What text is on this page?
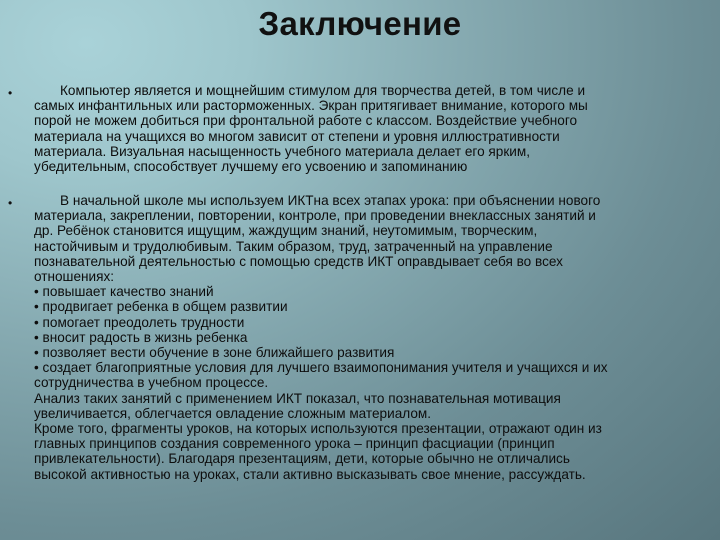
Заключение
•	Компьютер является и мощнейшим стимулом для творчества детей, в том числе и
самых инфантильных или расторможенных. Экран притягивает внимание, которого мы
порой не можем добиться при фронтальной работе с классом. Воздействие учебного
материала на учащихся во многом зависит от степени и уровня иллюстративности
материала. Визуальная насыщенность учебного материала делает его ярким,
убедительным, способствует лучшему его усвоению и запоминанию
•	В начальной школе мы используем ИКТна всех этапах урока: при объяснении нового
материала, закреплении, повторении, контроле, при проведении внеклассных занятий и
др. Ребёнок становится ищущим, жаждущим знаний, неутомимым, творческим,
настойчивым и трудолюбивым. Таким образом, труд, затраченный на управление
познавательной деятельностью с помощью средств ИКТ оправдывает себя во всех
отношениях:
• повышает качество знаний
• продвигает ребенка в общем развитии
• помогает преодолеть трудности
• вносит радость в жизнь ребенка
• позволяет вести обучение в зоне ближайшего развития
• создает благоприятные условия для лучшего взаимопонимания учителя и учащихся и их
сотрудничества в учебном процессе.
Анализ таких занятий с применением ИКТ показал, что познавательная мотивация
увеличивается, облегчается овладение сложным материалом.
Кроме того, фрагменты уроков, на которых используются презентации, отражают один из
главных принципов создания современного урока – принцип фасциации (принцип
привлекательности). Благодаря презентациям, дети, которые обычно не отличались
высокой активностью на уроках, стали активно высказывать свое мнение, рассуждать.
